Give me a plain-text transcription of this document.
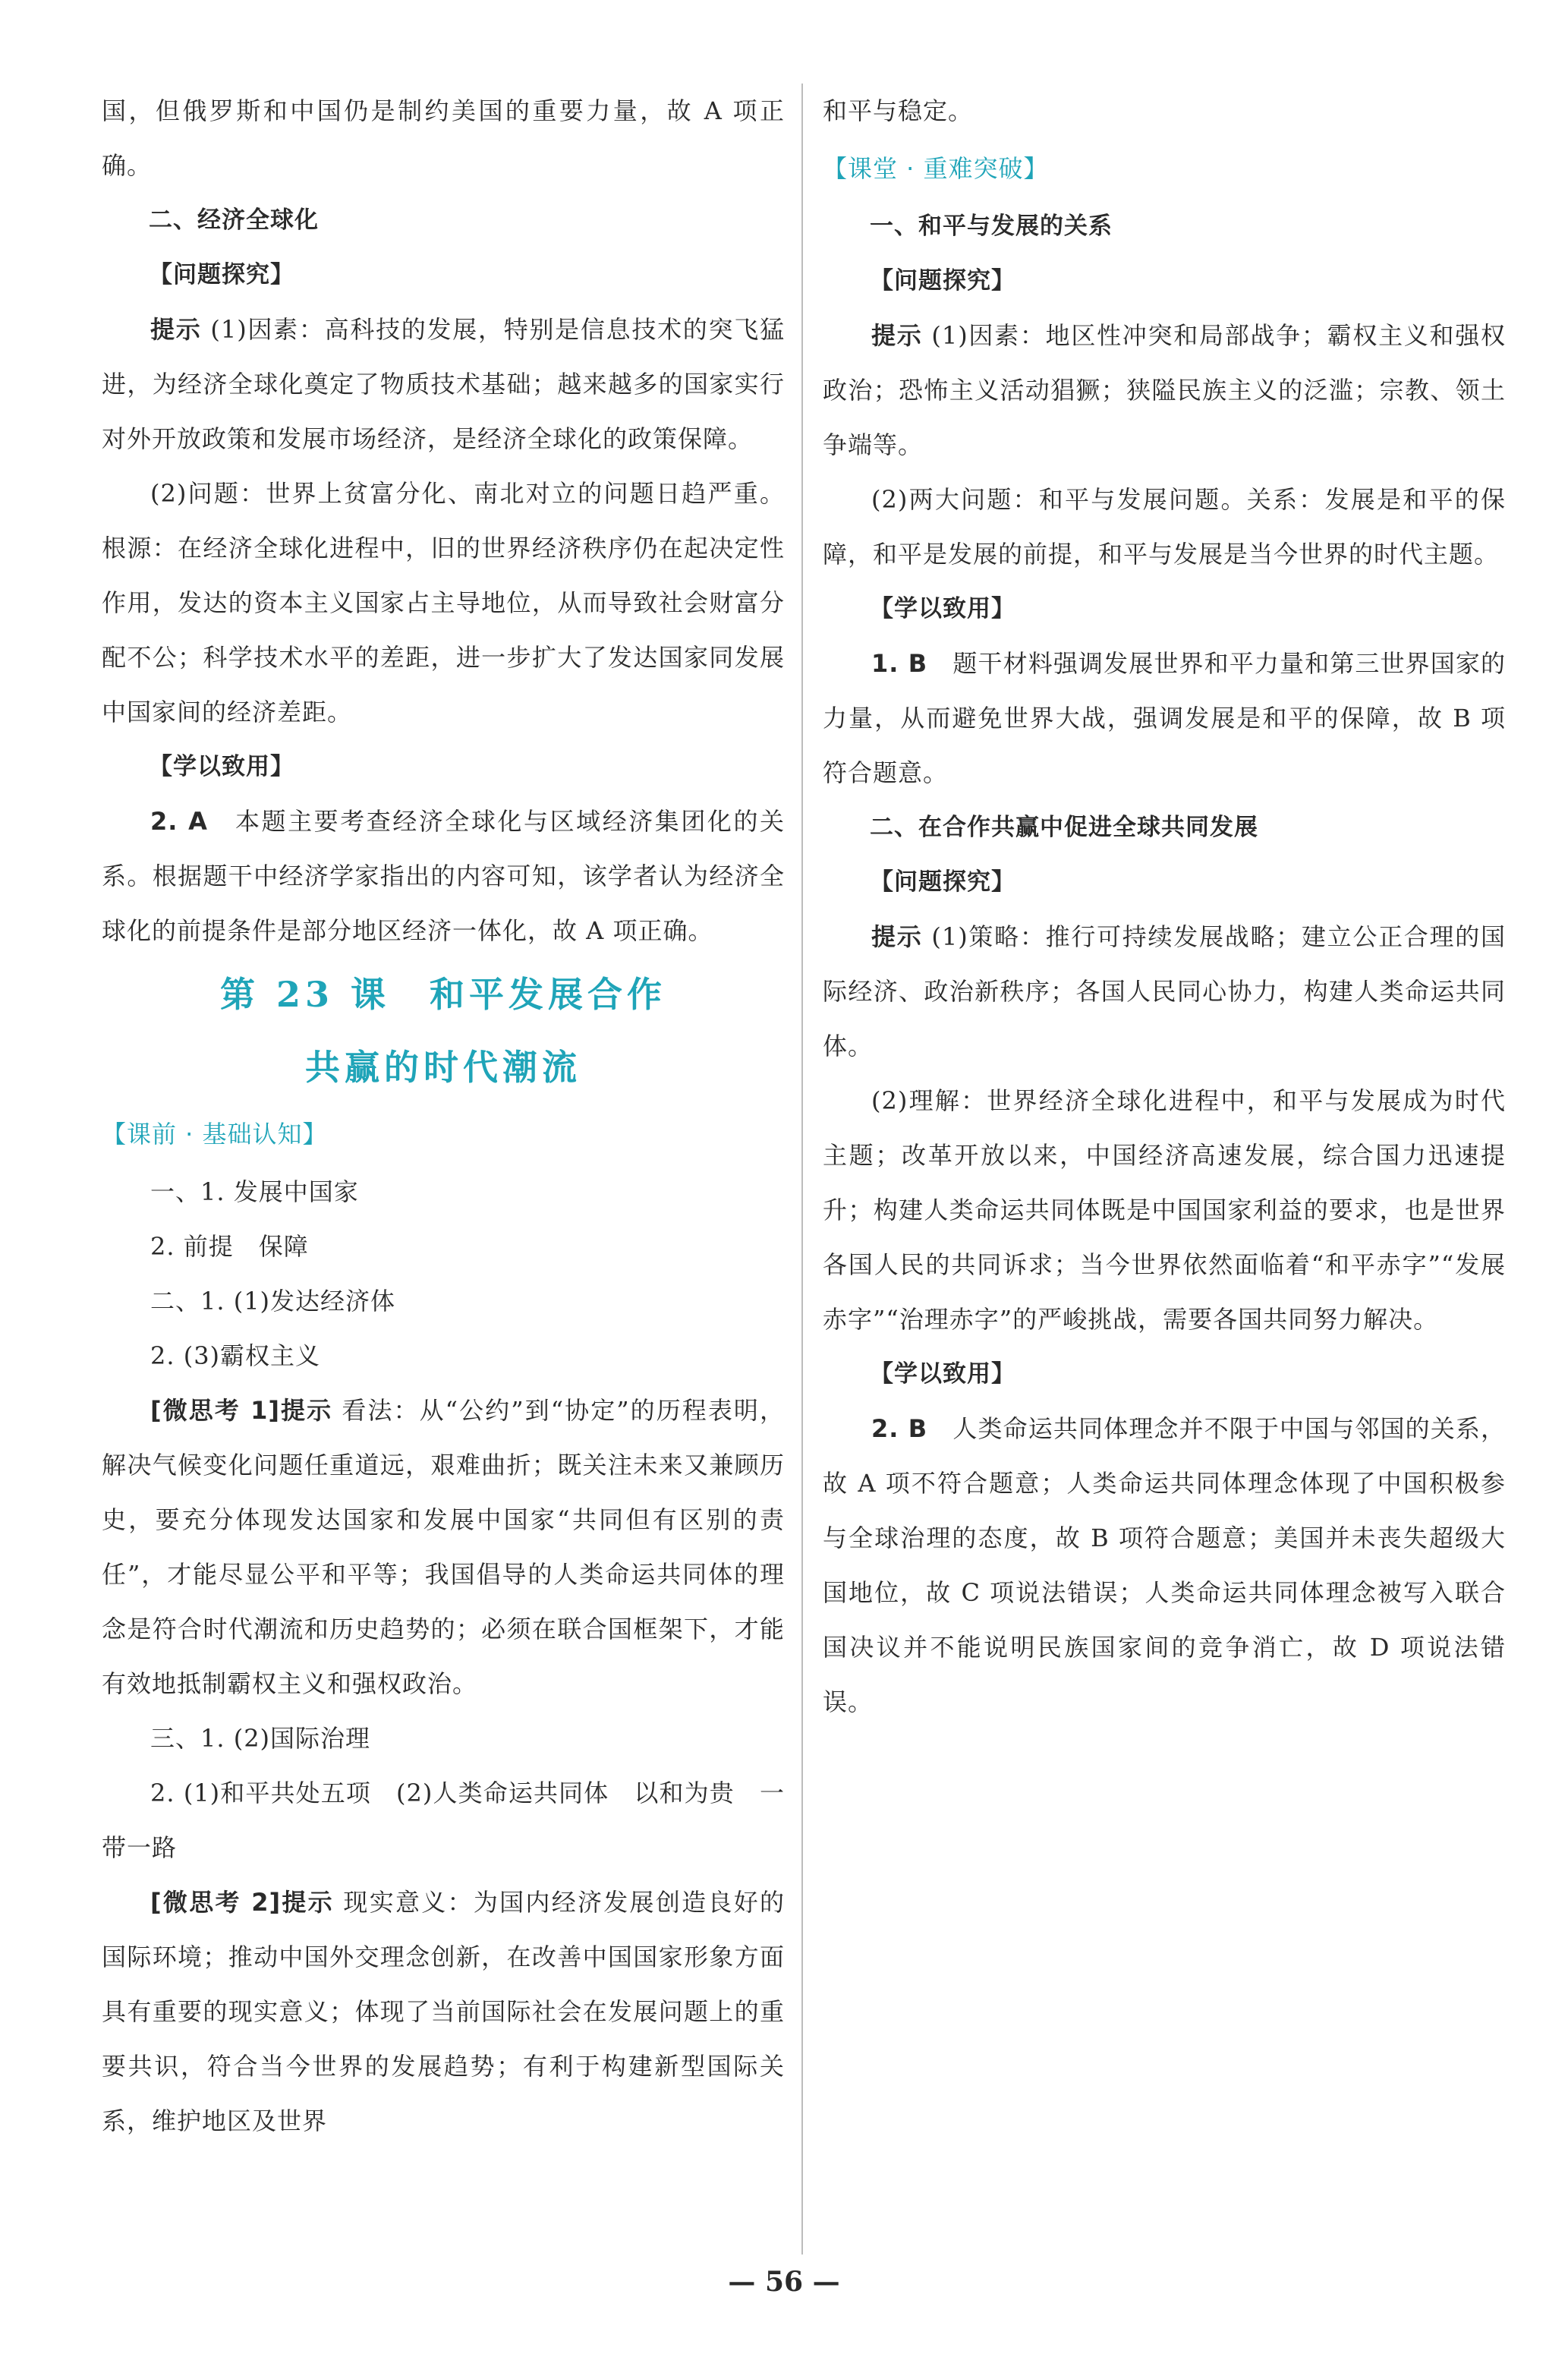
国，但俄罗斯和中国仍是制约美国的重要力量，故 A 项正确。

二、经济全球化

【问题探究】

提示 (1)因素：高科技的发展，特别是信息技术的突飞猛进，为经济全球化奠定了物质技术基础；越来越多的国家实行对外开放政策和发展市场经济，是经济全球化的政策保障。

(2)问题：世界上贫富分化、南北对立的问题日趋严重。根源：在经济全球化进程中，旧的世界经济秩序仍在起决定性作用，发达的资本主义国家占主导地位，从而导致社会财富分配不公；科学技术水平的差距，进一步扩大了发达国家同发展中国家间的经济差距。

【学以致用】

2. A　 本题主要考查经济全球化与区域经济集团化的关系。根据题干中经济学家指出的内容可知，该学者认为经济全球化的前提条件是部分地区经济一体化，故 A 项正确。

第 23 课　和平发展合作

共赢的时代潮流

【课前 · 基础认知】

一、1. 发展中国家

2. 前提　保障

二、1. (1)发达经济体

2. (3)霸权主义

[微思考 1]提示 看法：从“公约”到“协定”的历程表明，解决气候变化问题任重道远，艰难曲折；既关注未来又兼顾历史，要充分体现发达国家和发展中国家“共同但有区别的责任”，才能尽显公平和平等；我国倡导的人类命运共同体的理念是符合时代潮流和历史趋势的；必须在联合国框架下，才能有效地抵制霸权主义和强权政治。

三、1. (2)国际治理

2. (1)和平共处五项　(2)人类命运共同体　以和为贵　一带一路

[微思考 2]提示 现实意义：为国内经济发展创造良好的国际环境；推动中国外交理念创新，在改善中国国家形象方面具有重要的现实意义；体现了当前国际社会在发展问题上的重要共识，符合当今世界的发展趋势；有利于构建新型国际关系，维护地区及世界

和平与稳定。

【课堂 · 重难突破】

一、和平与发展的关系

【问题探究】

提示 (1)因素：地区性冲突和局部战争；霸权主义和强权政治；恐怖主义活动猖獗；狭隘民族主义的泛滥；宗教、领土争端等。

(2)两大问题：和平与发展问题。关系：发展是和平的保障，和平是发展的前提，和平与发展是当今世界的时代主题。

【学以致用】

1. B　 题干材料强调发展世界和平力量和第三世界国家的力量，从而避免世界大战，强调发展是和平的保障，故 B 项符合题意。

二、在合作共赢中促进全球共同发展

【问题探究】

提示 (1)策略：推行可持续发展战略；建立公正合理的国际经济、政治新秩序；各国人民同心协力，构建人类命运共同体。

(2)理解：世界经济全球化进程中，和平与发展成为时代主题；改革开放以来，中国经济高速发展，综合国力迅速提升；构建人类命运共同体既是中国国家利益的要求，也是世界各国人民的共同诉求；当今世界依然面临着“和平赤字”“发展赤字”“治理赤字”的严峻挑战，需要各国共同努力解决。

【学以致用】

2. B　 人类命运共同体理念并不限于中国与邻国的关系，故 A 项不符合题意；人类命运共同体理念体现了中国积极参与全球治理的态度，故 B 项符合题意；美国并未丧失超级大国地位，故 C 项说法错误；人类命运共同体理念被写入联合国决议并不能说明民族国家间的竞争消亡，故 D 项说法错误。

— 56 —
